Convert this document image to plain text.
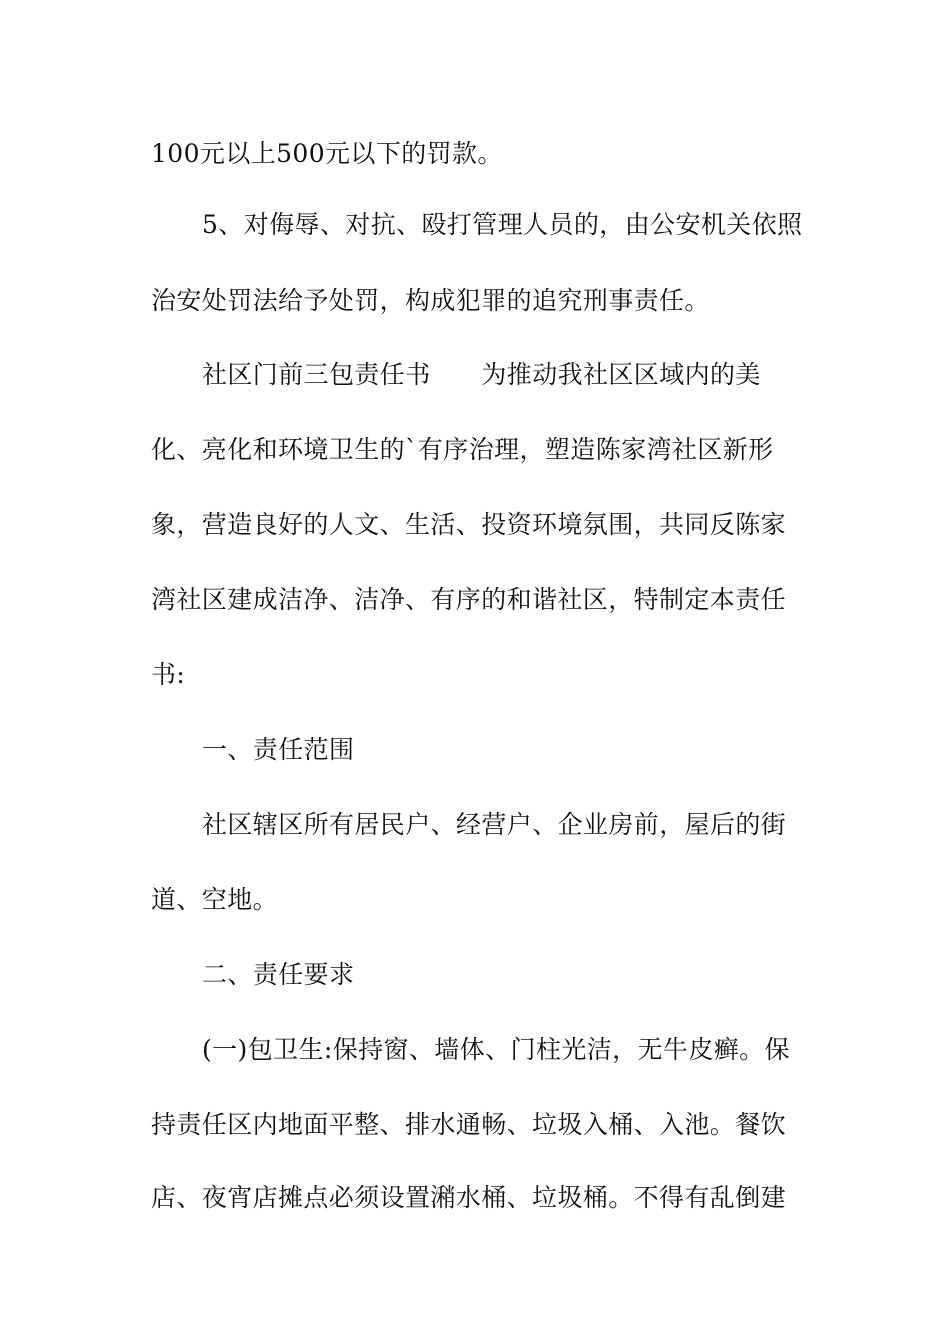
100元以上500元以下的罚款。
5、对侮辱、对抗、殴打管理人员的，由公安机关依照
治安处罚法给予处罚，构成犯罪的追究刑事责任。
社区门前三包责任书　　为推动我社区区域内的美
化、亮化和环境卫生的`有序治理，塑造陈家湾社区新形
象，营造良好的人文、生活、投资环境氛围，共同反陈家
湾社区建成洁净、洁净、有序的和谐社区，特制定本责任
书:
一、责任范围
社区辖区所有居民户、经营户、企业房前，屋后的街
道、空地。
二、责任要求
(一)包卫生:保持窗、墙体、门柱光洁，无牛皮癣。保
持责任区内地面平整、排水通畅、垃圾入桶、入池。餐饮
店、夜宵店摊点必须设置潲水桶、垃圾桶。不得有乱倒建
